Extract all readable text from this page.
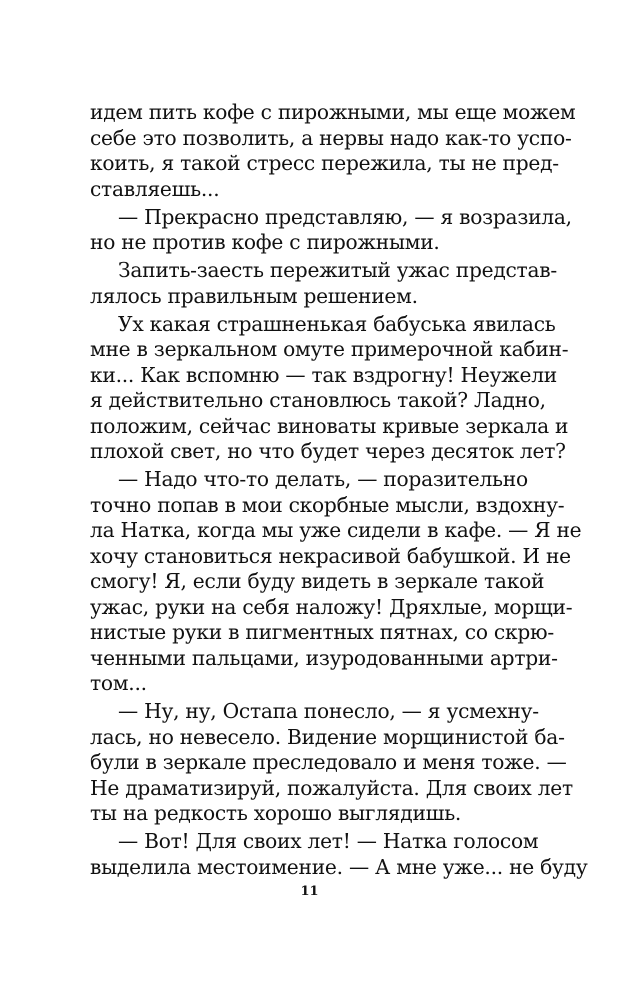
идем пить кофе с пирожными, мы еще можем
себе это позволить, а нервы надо как-то успо-
коить, я такой стресс пережила, ты не пред-
ставляешь...
— Прекрасно представляю, — я возразила,
но не против кофе с пирожными.
Запить-заесть пережитый ужас представ-
лялось правильным решением.
Ух какая страшненькая бабуська явилась
мне в зеркальном омуте примерочной кабин-
ки... Как вспомню — так вздрогну! Неужели
я действительно становлюсь такой? Ладно,
положим, сейчас виноваты кривые зеркала и
плохой свет, но что будет через десяток лет?
— Надо что-то делать, — поразительно
точно попав в мои скорбные мысли, вздохну-
ла Натка, когда мы уже сидели в кафе. — Я не
хочу становиться некрасивой бабушкой. И не
смогу! Я, если буду видеть в зеркале такой
ужас, руки на себя наложу! Дряхлые, морщи-
нистые руки в пигментных пятнах, со скрю-
ченными пальцами, изуродованными артри-
том...
— Ну, ну, Остапа понесло, — я усмехну-
лась, но невесело. Видение морщинистой ба-
були в зеркале преследовало и меня тоже. —
Не драматизируй, пожалуйста. Для своих лет
ты на редкость хорошо выглядишь.
— Вот! Для своих лет! — Натка голосом
выделила местоимение. — А мне уже... не буду
11
